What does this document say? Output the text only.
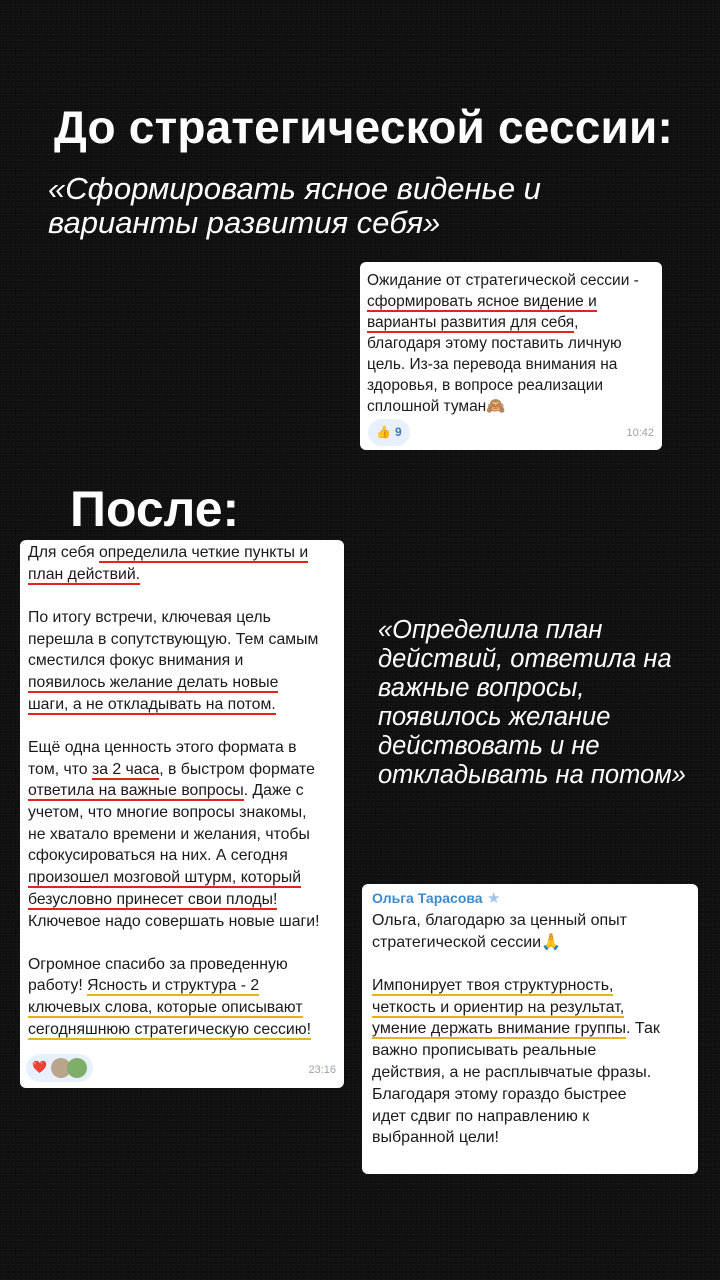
До стратегической сессии:
«Сформировать ясное виденье и варианты развития себя»

Ожидание от стратегической сессии -

сформировать ясное видение и

варианты развития для себя,

благодаря этому поставить личную

цель. Из-за перевода внимания на

здоровья, в вопросе реализации

сплошной туман🙈

👍 9	10:42
После:

Для себя определила четкие пункты и

план действий.

По итогу встречи, ключевая цель

перешла в сопутствующую. Тем самым

сместился фокус внимания и

появилось желание делать новые

шаги, а не откладывать на потом.

Ещё одна ценность этого формата в

том, что за 2 часа, в быстром формате

ответила на важные вопросы. Даже с

учетом, что многие вопросы знакомы,

не хватало времени и желания, чтобы

сфокусироваться на них. А сегодня

произошел мозговой штурм, который

безусловно принесет свои плоды!

Ключевое надо совершать новые шаги!

Огромное спасибо за проведенную

работу! Ясность и структура - 2

ключевых слова, которые описывают

сегодняшнюю стратегическую сессию!

❤️	23:16
«Определила план действий, ответила на важные вопросы, появилось желание действовать и не откладывать на потом»
Ольга Тарасова ★

Ольга, благодарю за ценный опыт

стратегической сессии🙏

Импонирует твоя структурность,

четкость и ориентир на результат,

умение держать внимание группы. Так

важно прописывать реальные

действия, а не расплывчатые фразы.

Благодаря этому гораздо быстрее

идет сдвиг по направлению к

выбранной цели!
